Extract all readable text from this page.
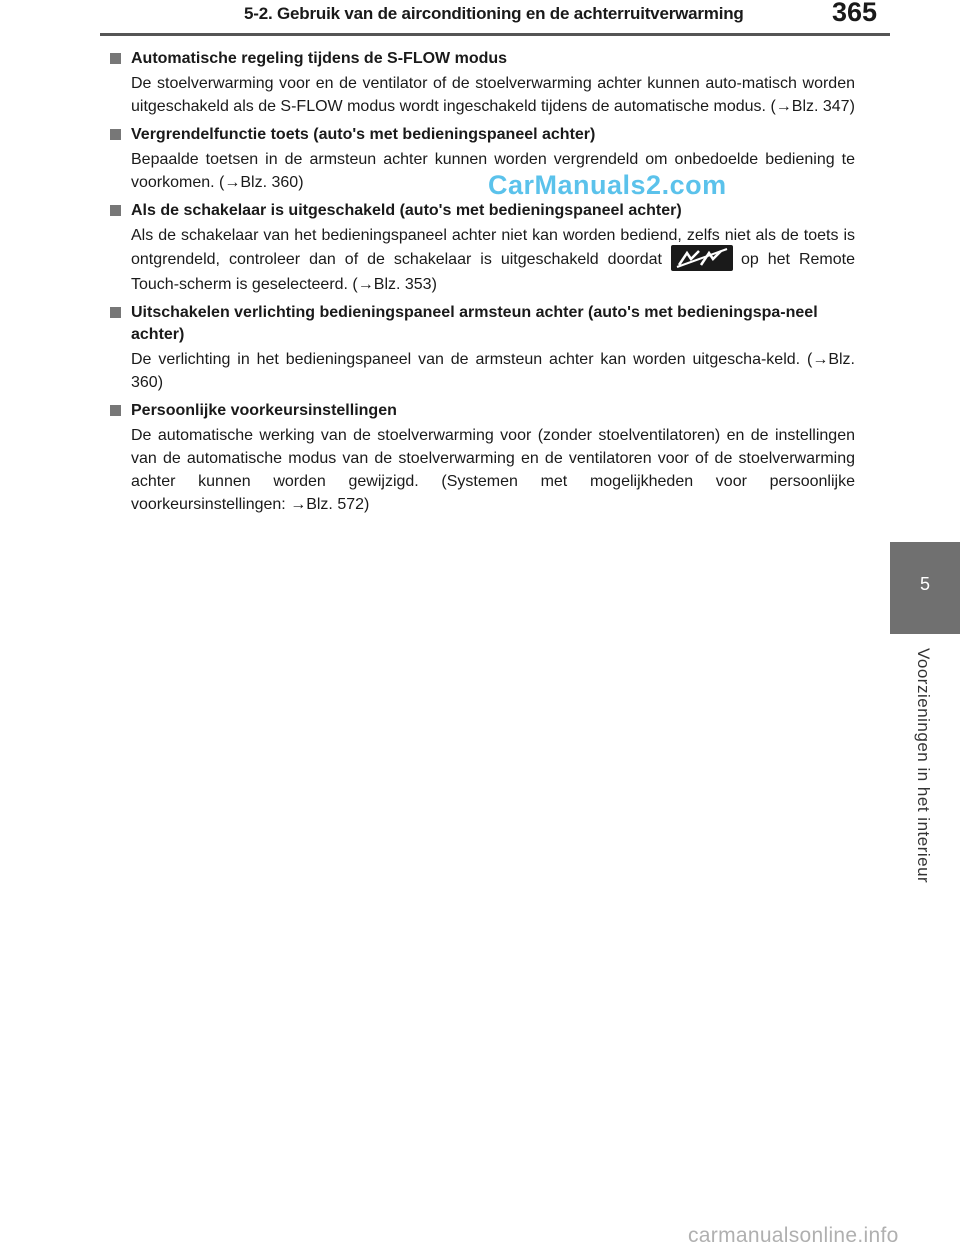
5-2. Gebruik van de airconditioning en de achterruitverwarming	365
5
Voorzieningen in het interieur
Automatische regeling tijdens de S-FLOW modus
De stoelverwarming voor en de ventilator of de stoelverwarming achter kunnen auto-matisch worden uitgeschakeld als de S-FLOW modus wordt ingeschakeld tijdens de automatische modus. (→Blz. 347)
Vergrendelfunctie toets (auto's met bedieningspaneel achter)
Bepaalde toetsen in de armsteun achter kunnen worden vergrendeld om onbedoelde bediening te voorkomen. (→Blz. 360)
Als de schakelaar is uitgeschakeld (auto's met bedieningspaneel achter)
Als de schakelaar van het bedieningspaneel achter niet kan worden bediend, zelfs niet als de toets is ontgrendeld, controleer dan of de schakelaar is uitgeschakeld doordat	op het Remote Touch-scherm is geselecteerd. (→Blz. 353)
Uitschakelen verlichting bedieningspaneel armsteun achter (auto's met bedieningspa-neel achter)
De verlichting in het bedieningspaneel van de armsteun achter kan worden uitgescha-keld. (→Blz. 360)
Persoonlijke voorkeursinstellingen
De automatische werking van de stoelverwarming voor (zonder stoelventilatoren) en de instellingen van de automatische modus van de stoelverwarming en de ventilatoren voor of de stoelverwarming achter kunnen worden gewijzigd. (Systemen met mogelijkheden voor persoonlijke voorkeursinstellingen: →Blz. 572)
CarManuals2.com
carmanualsonline.info
